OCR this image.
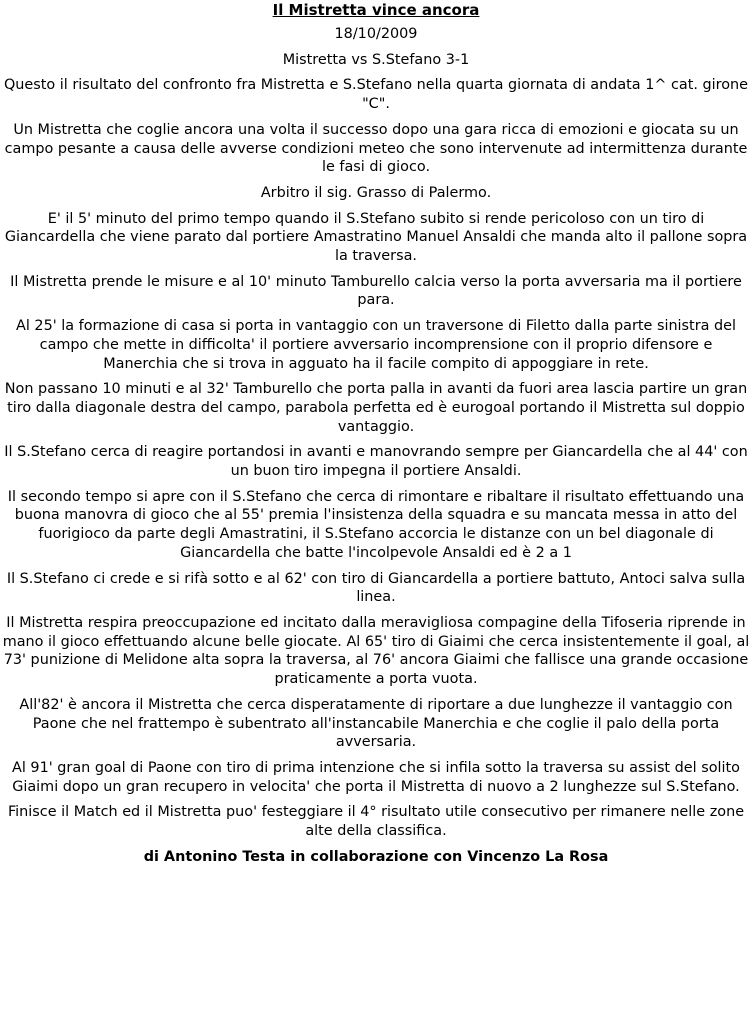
Il Mistretta vince ancora
18/10/2009
Mistretta vs S.Stefano 3-1
Questo il risultato del confronto fra Mistretta e S.Stefano nella quarta giornata di andata 1^ cat. girone "C".
Un Mistretta che coglie ancora una volta il successo dopo una gara ricca di emozioni e giocata su un campo pesante a causa delle avverse condizioni meteo che sono intervenute ad intermittenza durante le fasi di gioco.
Arbitro il sig. Grasso di Palermo.
E' il 5' minuto del primo tempo quando il S.Stefano subito si rende pericoloso con un tiro di Giancardella che viene parato dal portiere Amastratino Manuel Ansaldi che manda alto il pallone sopra la traversa.
Il Mistretta prende le misure e al 10' minuto Tamburello calcia verso la porta avversaria ma il portiere para.
Al 25' la formazione di casa si porta in vantaggio con un traversone di Filetto dalla parte sinistra del campo che mette in difficolta' il portiere avversario incomprensione con il proprio difensore e Manerchia che si trova in agguato ha il facile compito di appoggiare in rete.
Non passano 10 minuti e al 32' Tamburello che porta palla in avanti da fuori area lascia partire un gran tiro dalla diagonale destra del campo, parabola perfetta ed è eurogoal portando il Mistretta sul doppio vantaggio.
Il S.Stefano cerca di reagire portandosi in avanti e manovrando sempre per Giancardella che al 44' con un buon tiro impegna il portiere Ansaldi.
Il secondo tempo si apre con il S.Stefano che cerca di rimontare e ribaltare il risultato effettuando una buona manovra di gioco che al 55' premia l'insistenza della squadra e su mancata messa in atto del fuorigioco da parte degli Amastratini, il S.Stefano accorcia le distanze con un bel diagonale di Giancardella che batte l'incolpevole Ansaldi ed è 2 a 1
Il S.Stefano ci crede e si rifà sotto e al 62' con tiro di Giancardella a portiere battuto, Antoci salva sulla linea.
Il Mistretta respira preoccupazione ed incitato dalla meravigliosa compagine della Tifoseria riprende in mano il gioco effettuando alcune belle giocate. Al 65' tiro di Giaimi che cerca insistentemente il goal, al 73' punizione di Melidone alta sopra la traversa, al 76' ancora Giaimi che fallisce una grande occasione praticamente a porta vuota.
All'82' è ancora il Mistretta che cerca disperatamente di riportare a due lunghezze il vantaggio con Paone che nel frattempo è subentrato all'instancabile Manerchia e che coglie il palo della porta avversaria.
Al 91' gran goal di Paone con tiro di prima intenzione che si infila sotto la traversa su assist del solito Giaimi dopo un gran recupero in velocita' che porta il Mistretta di nuovo a 2 lunghezze sul S.Stefano.
Finisce il Match ed il Mistretta puo' festeggiare il 4° risultato utile consecutivo per rimanere nelle zone alte della classifica.
di Antonino Testa in collaborazione con Vincenzo La Rosa
